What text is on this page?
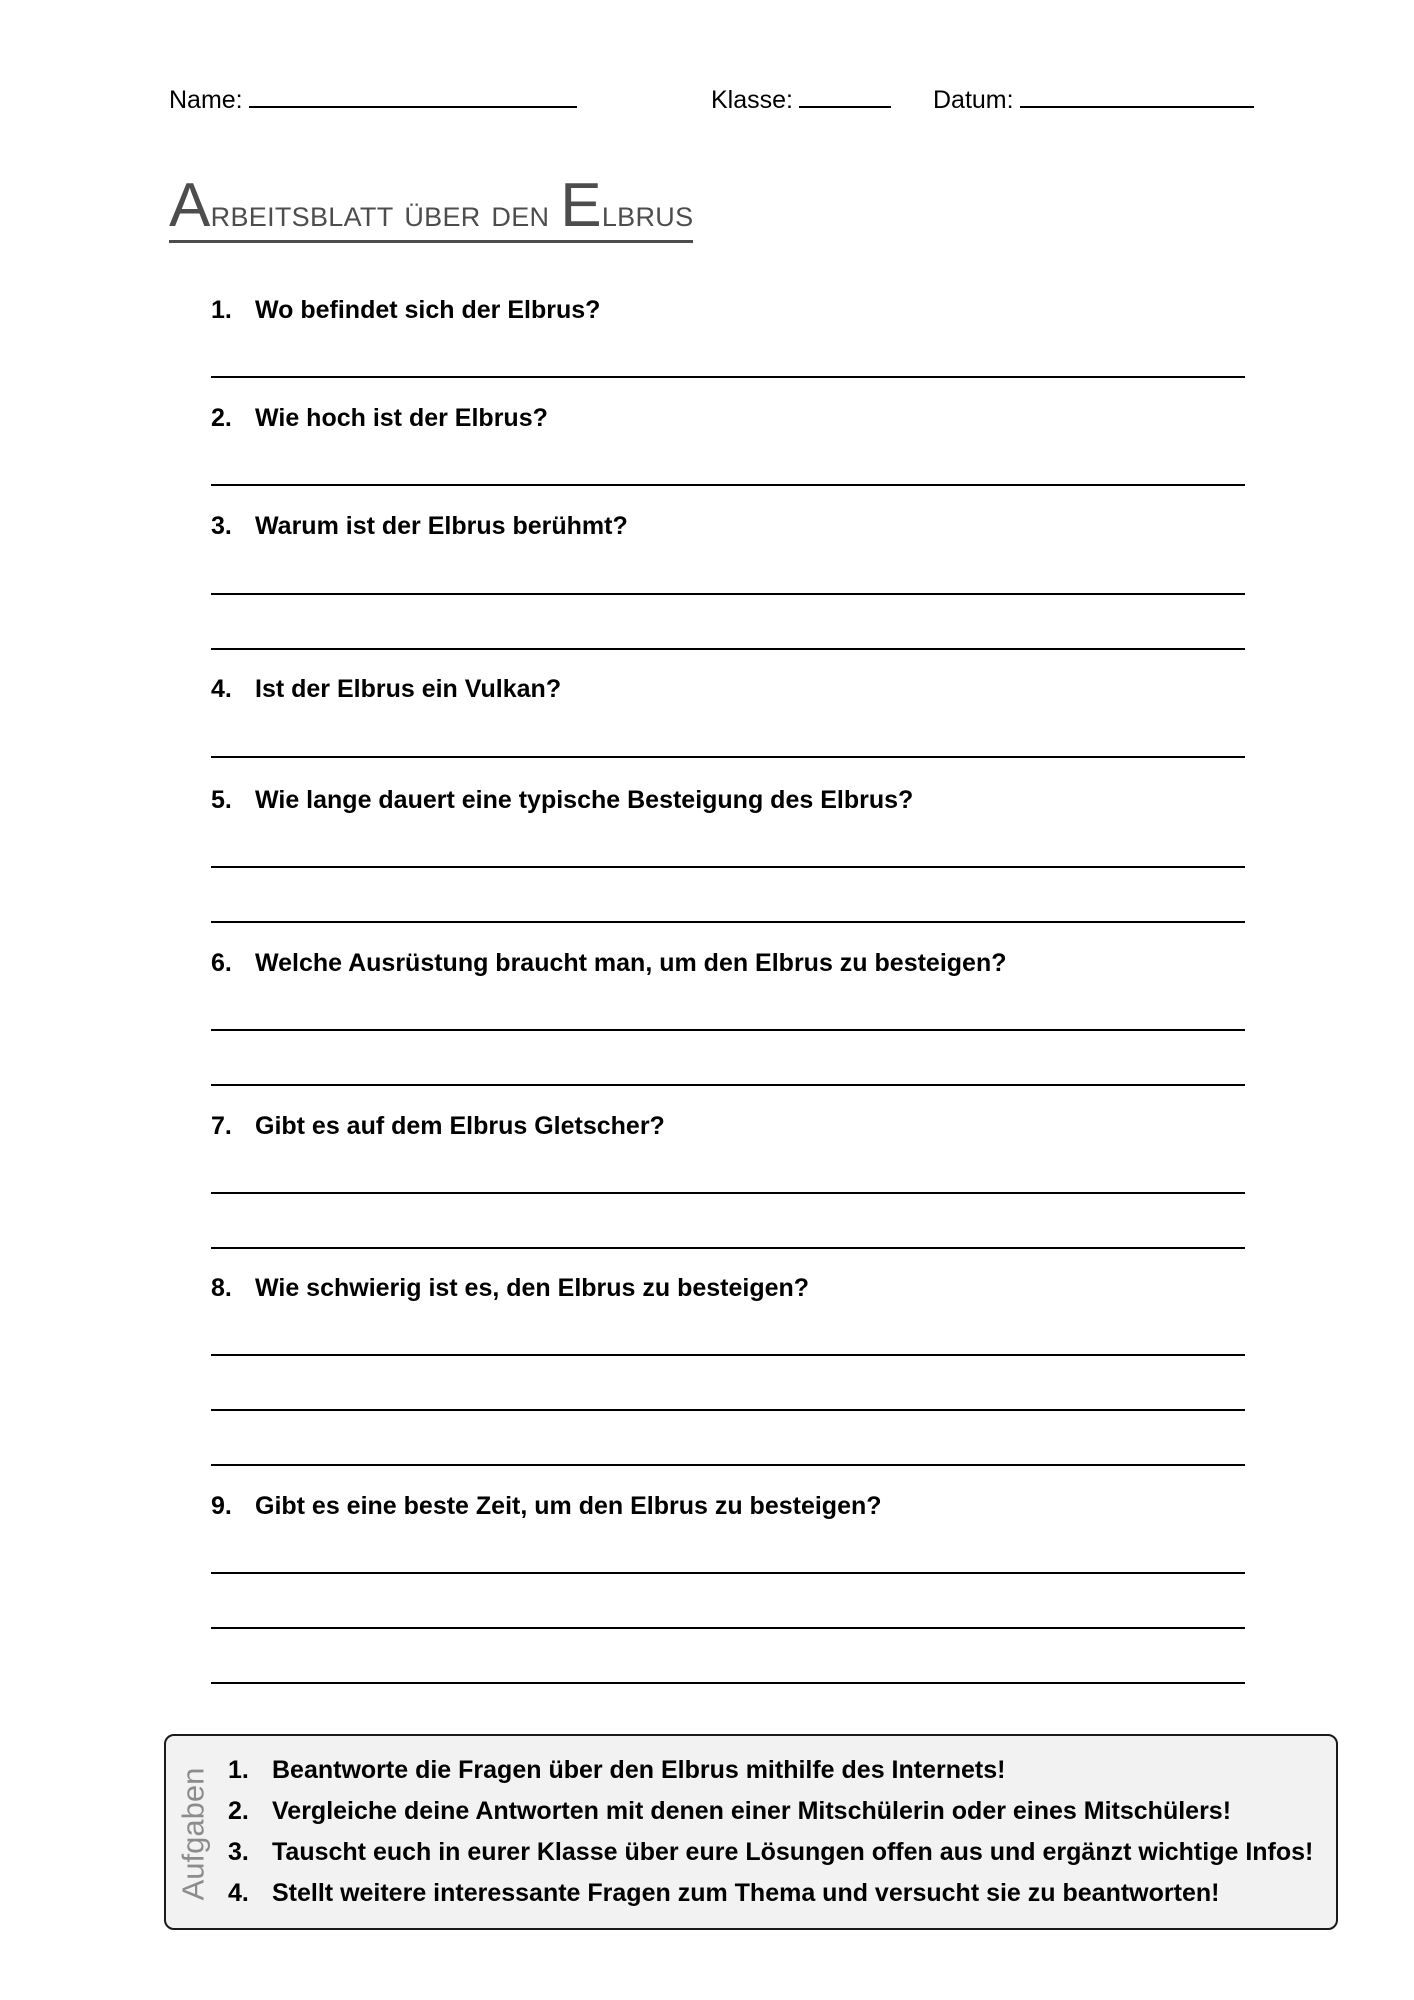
Name:	Klasse:	Datum:
Arbeitsblatt über den Elbrus
1. Wo befindet sich der Elbrus?
2. Wie hoch ist der Elbrus?
3. Warum ist der Elbrus berühmt?
4. Ist der Elbrus ein Vulkan?
5. Wie lange dauert eine typische Besteigung des Elbrus?
6. Welche Ausrüstung braucht man, um den Elbrus zu besteigen?
7. Gibt es auf dem Elbrus Gletscher?
8. Wie schwierig ist es, den Elbrus zu besteigen?
9. Gibt es eine beste Zeit, um den Elbrus zu besteigen?
Aufgaben 1. Beantworte die Fragen über den Elbrus mithilfe des Internets!
2. Vergleiche deine Antworten mit denen einer Mitschülerin oder eines Mitschülers!
3. Tauscht euch in eurer Klasse über eure Lösungen offen aus und ergänzt wichtige Infos!
4. Stellt weitere interessante Fragen zum Thema und versucht sie zu beantworten!
